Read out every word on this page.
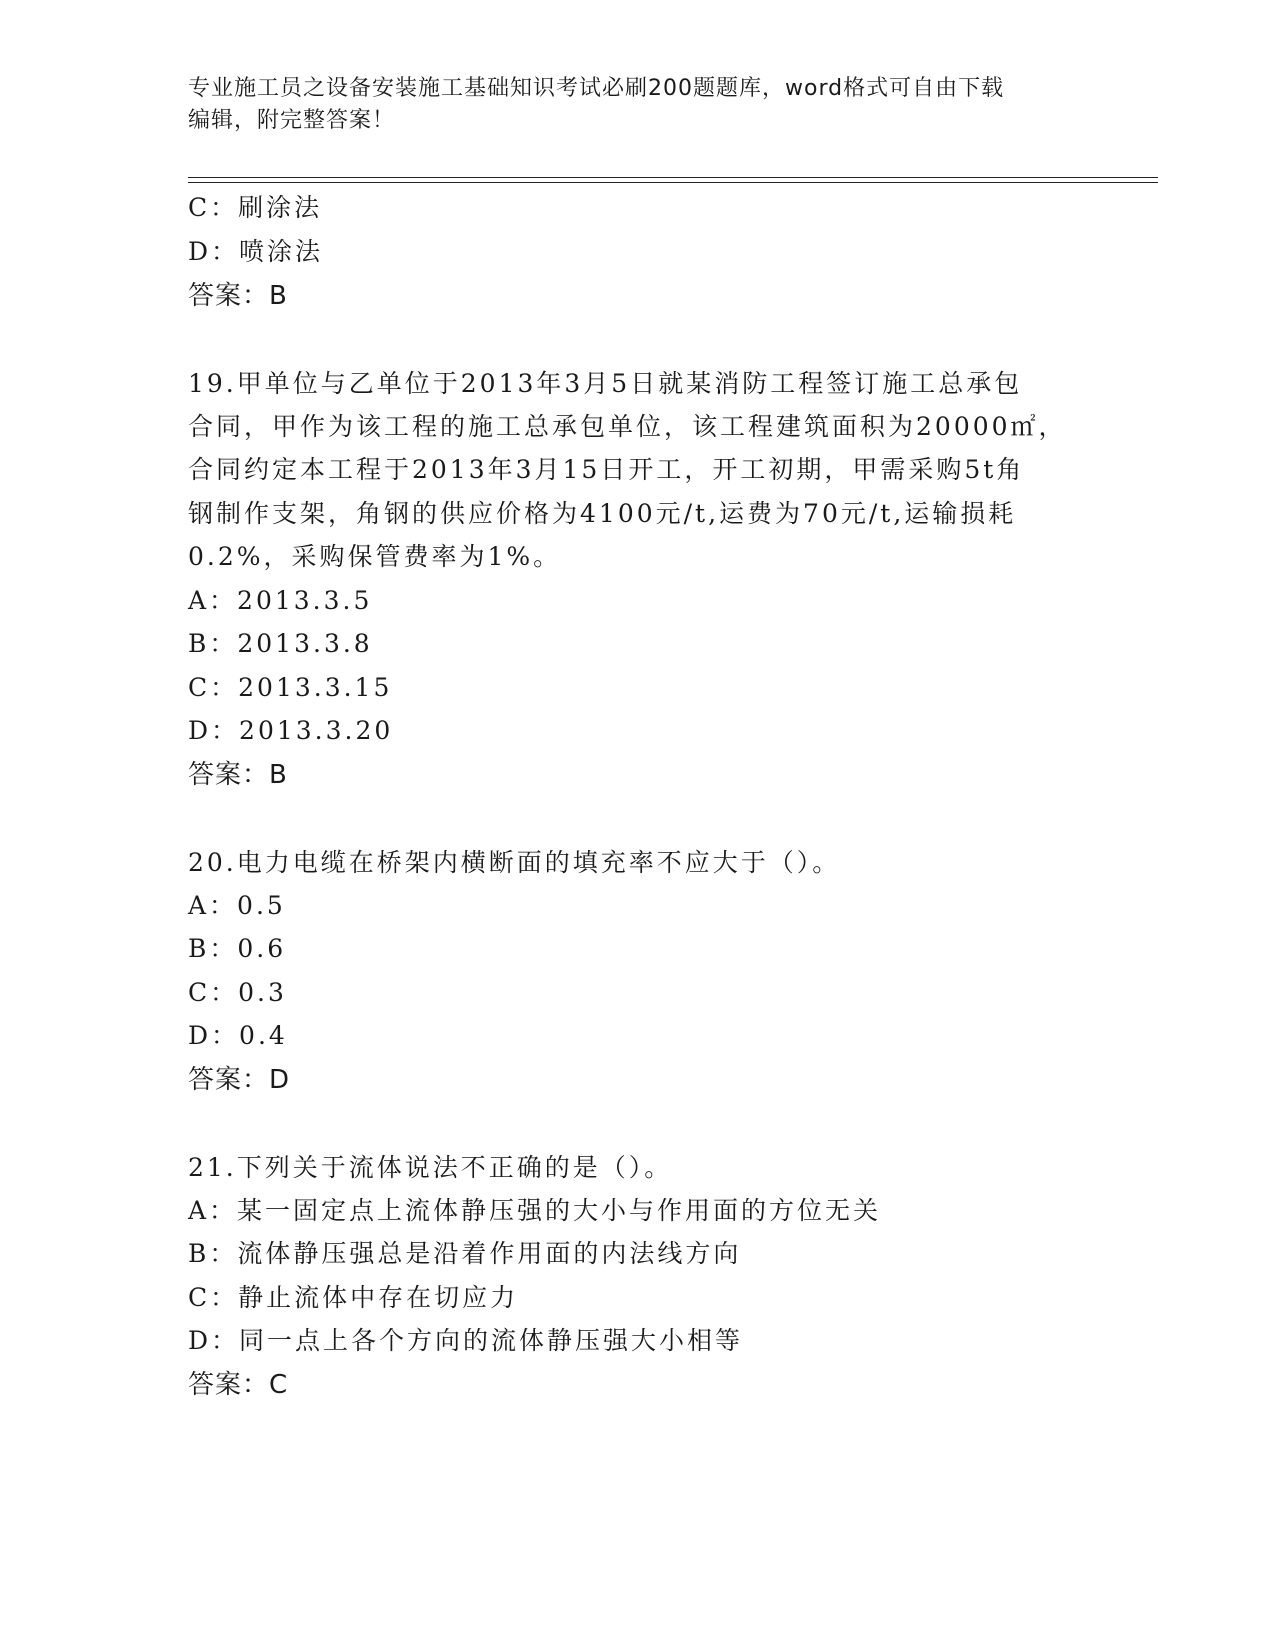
专业施工员之设备安装施工基础知识考试必刷200题题库，word格式可自由下载
编辑，附完整答案！
C：刷涂法
D：喷涂法
答案：B
19.甲单位与乙单位于2013年3月5日就某消防工程签订施工总承包
合同，甲作为该工程的施工总承包单位，该工程建筑面积为20000㎡，
合同约定本工程于2013年3月15日开工，开工初期，甲需采购5t角
钢制作支架，角钢的供应价格为4100元/t,运费为70元/t,运输损耗
0.2%，采购保管费率为1%。
A：2013.3.5
B：2013.3.8
C：2013.3.15
D：2013.3.20
答案：B
20.电力电缆在桥架内横断面的填充率不应大于（）。
A：0.5
B：0.6
C：0.3
D：0.4
答案：D
21.下列关于流体说法不正确的是（）。
A：某一固定点上流体静压强的大小与作用面的方位无关
B：流体静压强总是沿着作用面的内法线方向
C：静止流体中存在切应力
D：同一点上各个方向的流体静压强大小相等
答案：C
